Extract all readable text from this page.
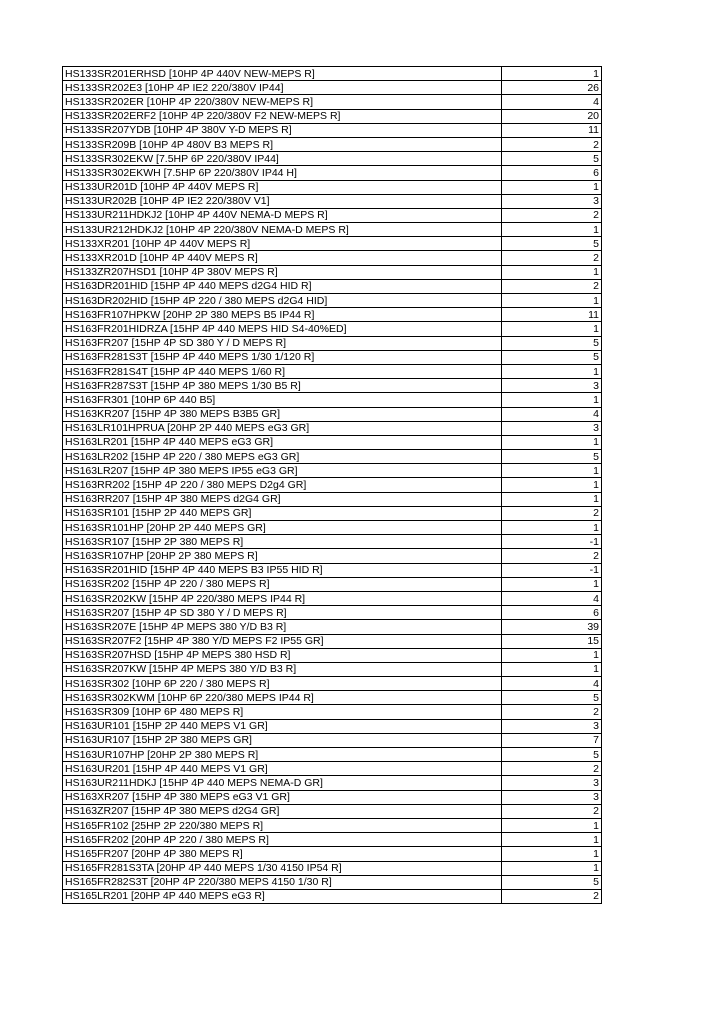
HS133SR201ERHSD [10HP 4P 440V NEW-MEPS R]	1
HS133SR202E3 [10HP 4P IE2 220/380V IP44]	26
HS133SR202ER [10HP 4P 220/380V NEW-MEPS R]	4
HS133SR202ERF2 [10HP 4P 220/380V F2 NEW-MEPS R]	20
HS133SR207YDB [10HP 4P 380V Y-D MEPS R]	11
HS133SR209B [10HP 4P 480V B3 MEPS R]	2
HS133SR302EKW [7.5HP 6P 220/380V IP44]	5
HS133SR302EKWH [7.5HP 6P 220/380V IP44 H]	6
HS133UR201D [10HP 4P 440V MEPS R]	1
HS133UR202B [10HP 4P IE2 220/380V V1]	3
HS133UR211HDKJ2 [10HP 4P 440V NEMA-D MEPS R]	2
HS133UR212HDKJ2 [10HP 4P 220/380V NEMA-D MEPS R]	1
HS133XR201 [10HP 4P 440V MEPS R]	5
HS133XR201D [10HP 4P 440V MEPS R]	2
HS133ZR207HSD1 [10HP 4P 380V MEPS R]	1
HS163DR201HID [15HP 4P 440 MEPS d2G4 HID R]	2
HS163DR202HID [15HP 4P 220 / 380 MEPS d2G4 HID]	1
HS163FR107HPKW [20HP 2P 380 MEPS B5 IP44 R]	11
HS163FR201HIDRZA [15HP 4P 440 MEPS HID S4-40%ED]	1
HS163FR207 [15HP 4P SD 380 Y / D MEPS R]	5
HS163FR281S3T [15HP 4P 440 MEPS 1/30 1/120 R]	5
HS163FR281S4T [15HP 4P 440 MEPS 1/60 R]	1
HS163FR287S3T [15HP 4P 380 MEPS 1/30 B5 R]	3
HS163FR301 [10HP 6P 440 B5]	1
HS163KR207 [15HP 4P 380 MEPS B3B5 GR]	4
HS163LR101HPRUA [20HP 2P 440 MEPS eG3 GR]	3
HS163LR201 [15HP 4P 440 MEPS eG3 GR]	1
HS163LR202 [15HP 4P 220 / 380 MEPS eG3 GR]	5
HS163LR207 [15HP 4P 380 MEPS IP55 eG3 GR]	1
HS163RR202 [15HP 4P 220 / 380 MEPS D2g4 GR]	1
HS163RR207 [15HP 4P 380 MEPS d2G4 GR]	1
HS163SR101 [15HP 2P 440 MEPS GR]	2
HS163SR101HP [20HP 2P 440 MEPS GR]	1
HS163SR107 [15HP 2P 380 MEPS R]	-1
HS163SR107HP [20HP 2P 380 MEPS R]	2
HS163SR201HID [15HP 4P 440 MEPS B3 IP55 HID R]	-1
HS163SR202 [15HP 4P 220 / 380 MEPS R]	1
HS163SR202KW [15HP 4P 220/380 MEPS IP44 R]	4
HS163SR207 [15HP 4P SD 380 Y / D MEPS R]	6
HS163SR207E [15HP 4P MEPS 380 Y/D B3 R]	39
HS163SR207F2 [15HP 4P 380 Y/D MEPS F2 IP55 GR]	15
HS163SR207HSD [15HP 4P MEPS 380 HSD R]	1
HS163SR207KW [15HP 4P MEPS 380 Y/D B3 R]	1
HS163SR302 [10HP 6P 220 / 380 MEPS R]	4
HS163SR302KWM [10HP 6P 220/380 MEPS IP44 R]	5
HS163SR309 [10HP 6P 480 MEPS R]	2
HS163UR101 [15HP 2P 440 MEPS V1 GR]	3
HS163UR107 [15HP 2P 380 MEPS GR]	7
HS163UR107HP [20HP 2P 380 MEPS R]	5
HS163UR201 [15HP 4P 440 MEPS V1 GR]	2
HS163UR211HDKJ [15HP 4P 440 MEPS NEMA-D GR]	3
HS163XR207 [15HP 4P 380 MEPS eG3 V1 GR]	3
HS163ZR207 [15HP 4P 380 MEPS d2G4 GR]	2
HS165FR102 [25HP 2P 220/380 MEPS R]	1
HS165FR202 [20HP 4P 220 / 380 MEPS R]	1
HS165FR207 [20HP 4P 380 MEPS R]	1
HS165FR281S3TA [20HP 4P 440 MEPS 1/30 4150 IP54 R]	1
HS165FR282S3T [20HP 4P 220/380 MEPS 4150 1/30 R]	5
HS165LR201 [20HP 4P 440 MEPS eG3 R]	2
